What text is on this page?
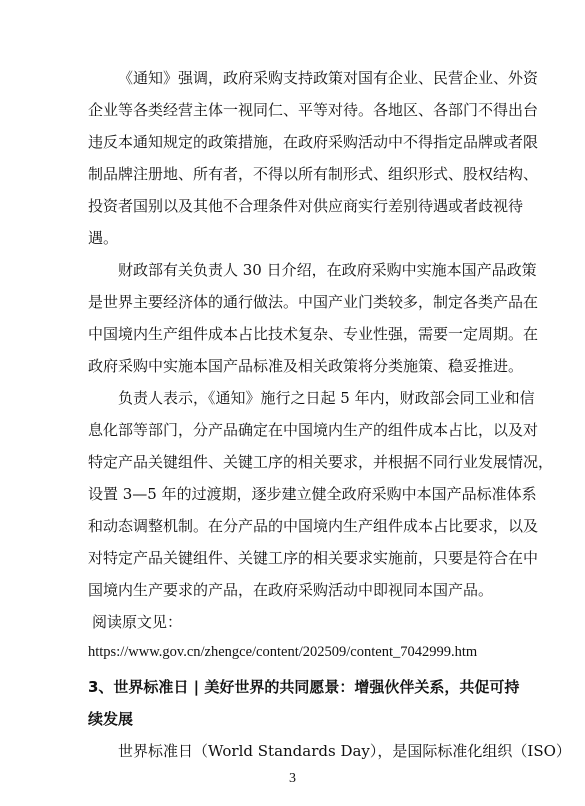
《通知》强调，政府采购支持政策对国有企业、民营企业、外资
企业等各类经营主体一视同仁、平等对待。各地区、各部门不得出台
违反本通知规定的政策措施，在政府采购活动中不得指定品牌或者限
制品牌注册地、所有者，不得以所有制形式、组织形式、股权结构、
投资者国别以及其他不合理条件对供应商实行差别待遇或者歧视待
遇。
财政部有关负责人 30 日介绍，在政府采购中实施本国产品政策
是世界主要经济体的通行做法。中国产业门类较多，制定各类产品在
中国境内生产组件成本占比技术复杂、专业性强，需要一定周期。在
政府采购中实施本国产品标准及相关政策将分类施策、稳妥推进。
负责人表示，《通知》施行之日起 5 年内，财政部会同工业和信
息化部等部门，分产品确定在中国境内生产的组件成本占比，以及对
特定产品关键组件、关键工序的相关要求，并根据不同行业发展情况，
设置 3—5 年的过渡期，逐步建立健全政府采购中本国产品标准体系
和动态调整机制。在分产品的中国境内生产组件成本占比要求，以及
对特定产品关键组件、关键工序的相关要求实施前，只要是符合在中
国境内生产要求的产品，在政府采购活动中即视同本国产品。
阅读原文见：
https://www.gov.cn/zhengce/content/202509/content_7042999.htm
3、世界标准日 | 美好世界的共同愿景：增强伙伴关系，共促可持
续发展
世界标准日（World Standards Day），是国际标准化组织（ISO）
3
